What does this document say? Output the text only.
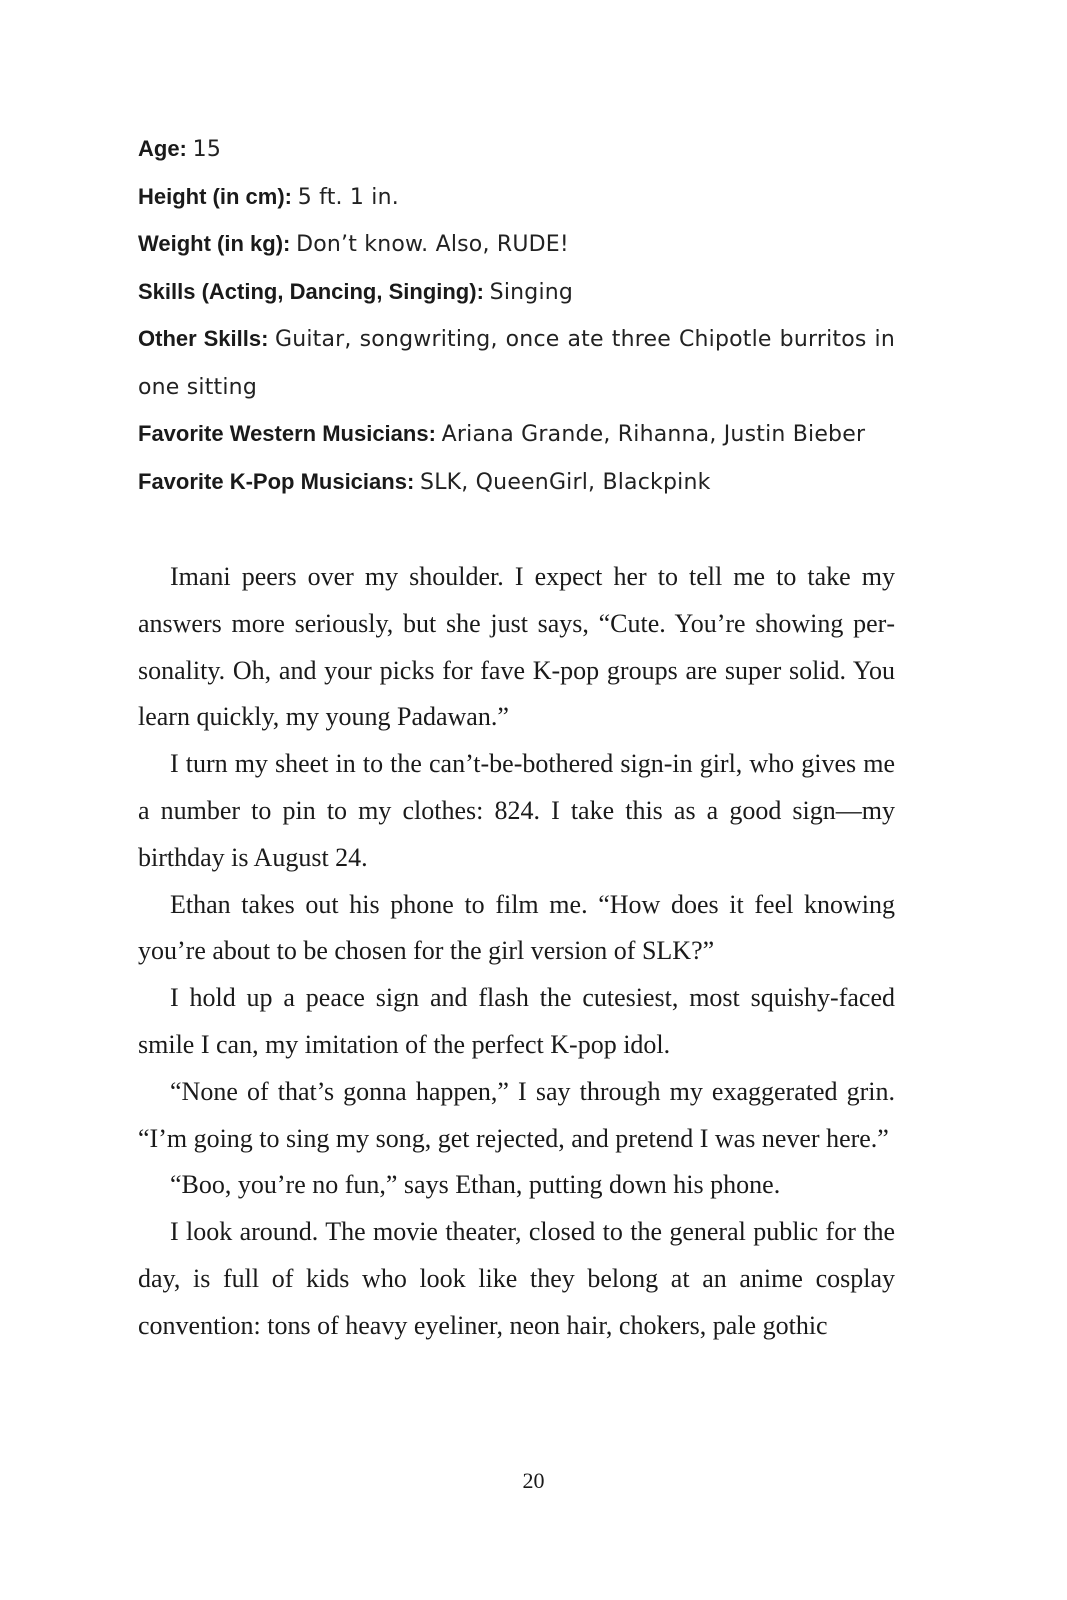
Age: 15

Height (in cm): 5 ft. 1 in.

Weight (in kg): Don’t know. Also, RUDE!

Skills (Acting, Dancing, Singing): Singing

Other Skills: Guitar, songwriting, once ate three Chipotle burritos in one sitting

Favorite Western Musicians: Ariana Grande, Rihanna, Justin Bieber

Favorite K-Pop Musicians: SLK, QueenGirl, Blackpink

Imani peers over my shoulder. I expect her to tell me to take my answers more seriously, but she just says, “Cute. You’re showing personality. Oh, and your picks for fave K-pop groups are super solid. You learn quickly, my young Padawan.”

I turn my sheet in to the can’t-be-bothered sign-in girl, who gives me a number to pin to my clothes: 824. I take this as a good sign—my birthday is August 24.

Ethan takes out his phone to film me. “How does it feel knowing you’re about to be chosen for the girl version of SLK?”

I hold up a peace sign and flash the cutesiest, most squishy-faced smile I can, my imitation of the perfect K-pop idol.

“None of that’s gonna happen,” I say through my exaggerated grin. “I’m going to sing my song, get rejected, and pretend I was never here.”

“Boo, you’re no fun,” says Ethan, putting down his phone.

I look around. The movie theater, closed to the general public for the day, is full of kids who look like they belong at an anime cosplay convention: tons of heavy eyeliner, neon hair, chokers, pale gothic

20
